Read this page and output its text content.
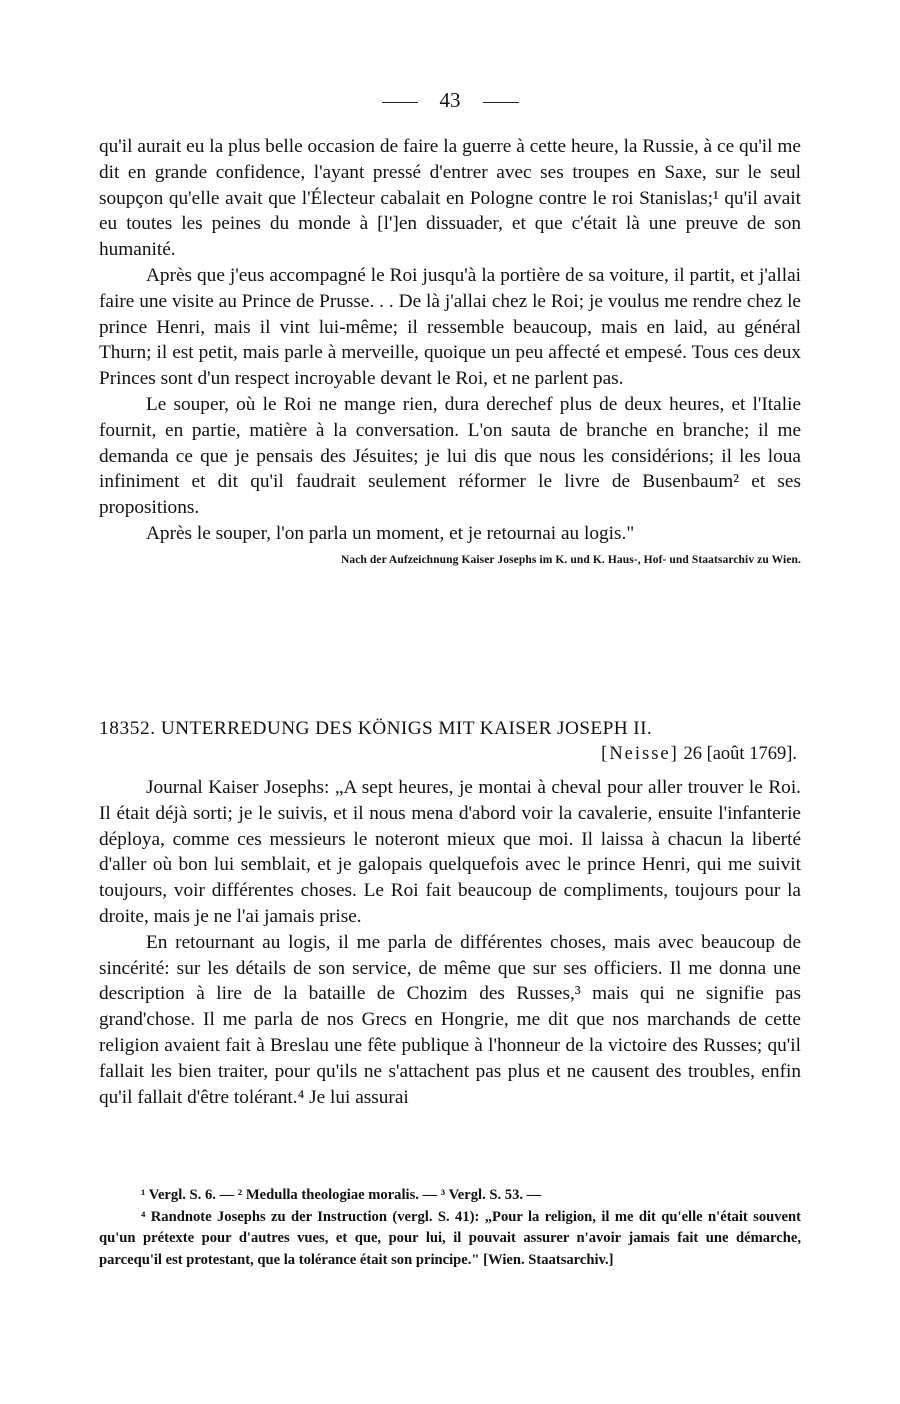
43

qu'il aurait eu la plus belle occasion de faire la guerre à cette heure, la Russie, à ce qu'il me dit en grande confidence, l'ayant pressé d'entrer avec ses troupes en Saxe, sur le seul soupçon qu'elle avait que l'Électeur cabalait en Pologne contre le roi Stanislas;¹ qu'il avait eu toutes les peines du monde à [l']en dissuader, et que c'était là une preuve de son humanité.

Après que j'eus accompagné le Roi jusqu'à la portière de sa voiture, il partit, et j'allai faire une visite au Prince de Prusse. . . De là j'allai chez le Roi; je voulus me rendre chez le prince Henri, mais il vint lui-même; il ressemble beaucoup, mais en laid, au général Thurn; il est petit, mais parle à merveille, quoique un peu affecté et empesé. Tous ces deux Princes sont d'un respect incroyable devant le Roi, et ne parlent pas.

Le souper, où le Roi ne mange rien, dura derechef plus de deux heures, et l'Italie fournit, en partie, matière à la conversation. L'on sauta de branche en branche; il me demanda ce que je pensais des Jésuites; je lui dis que nous les considérions; il les loua infiniment et dit qu'il faudrait seulement réformer le livre de Busenbaum² et ses propositions.

Après le souper, l'on parla un moment, et je retournai au logis."

Nach der Aufzeichnung Kaiser Josephs im K. und K. Haus-, Hof- und Staatsarchiv zu Wien.

18352. UNTERREDUNG DES KÖNIGS MIT KAISER JOSEPH II.
[Neisse] 26 [août 1769].

Journal Kaiser Josephs: „A sept heures, je montai à cheval pour aller trouver le Roi. Il était déjà sorti; je le suivis, et il nous mena d'abord voir la cavalerie, ensuite l'infanterie déploya, comme ces messieurs le noteront mieux que moi. Il laissa à chacun la liberté d'aller où bon lui semblait, et je galopais quelquefois avec le prince Henri, qui me suivit toujours, voir différentes choses. Le Roi fait beaucoup de compliments, toujours pour la droite, mais je ne l'ai jamais prise.

En retournant au logis, il me parla de différentes choses, mais avec beaucoup de sincérité: sur les détails de son service, de même que sur ses officiers. Il me donna une description à lire de la bataille de Chozim des Russes,³ mais qui ne signifie pas grand'chose. Il me parla de nos Grecs en Hongrie, me dit que nos marchands de cette religion avaient fait à Breslau une fête publique à l'honneur de la victoire des Russes; qu'il fallait les bien traiter, pour qu'ils ne s'attachent pas plus et ne causent des troubles, enfin qu'il fallait d'être tolérant.⁴ Je lui assurai

¹ Vergl. S. 6. — ² Medulla theologiae moralis. — ³ Vergl. S. 53. —
⁴ Randnote Josephs zu der Instruction (vergl. S. 41): „Pour la religion, il me dit qu'elle n'était souvent qu'un prétexte pour d'autres vues, et que, pour lui, il pouvait assurer n'avoir jamais fait une démarche, parcequ'il est protestant, que la tolérance était son principe." [Wien. Staatsarchiv.]
